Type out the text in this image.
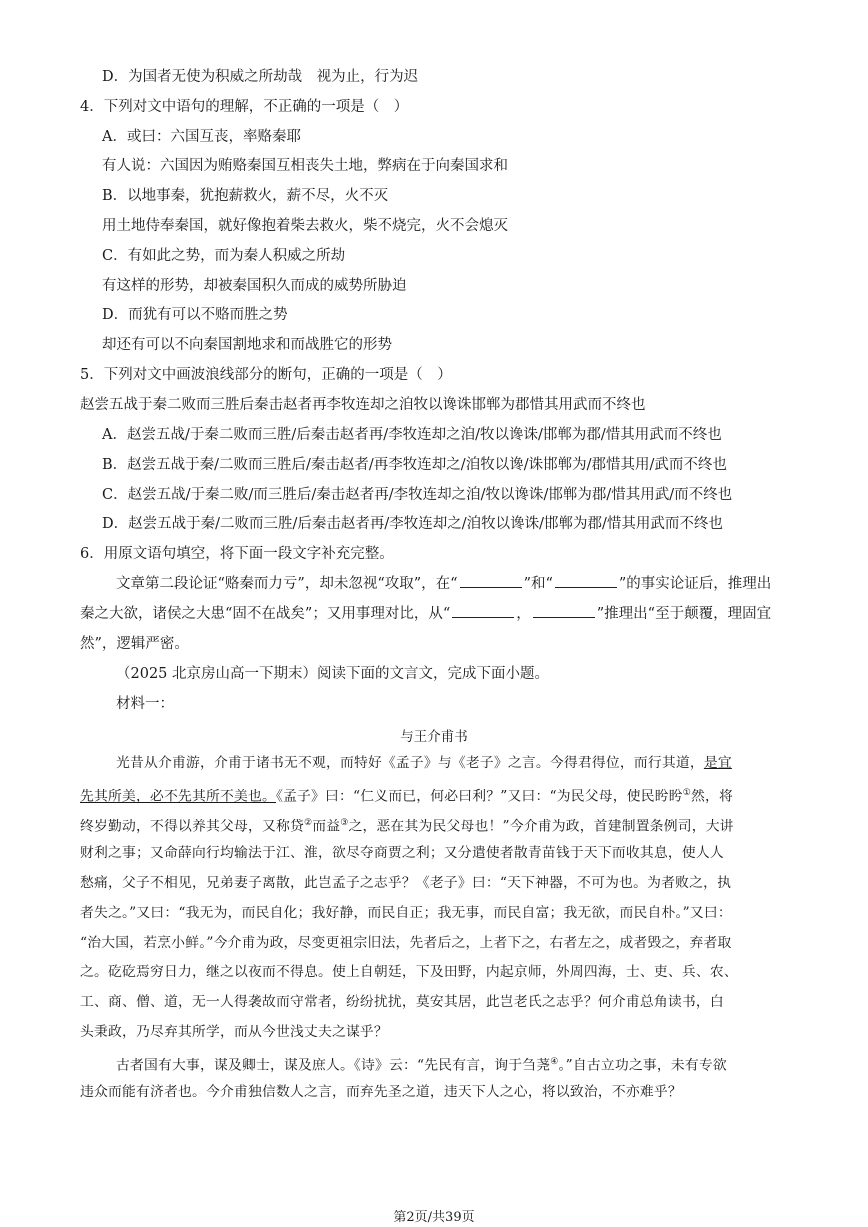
D．为国者无使为积威之所劫哉　视为止，行为迟
4．下列对文中语句的理解，不正确的一项是（　）
A．或曰：六国互丧，率赂秦耶
有人说：六国因为贿赂秦国互相丧失土地，弊病在于向秦国求和
B．以地事秦，犹抱薪救火，薪不尽，火不灭
用土地侍奉秦国，就好像抱着柴去救火，柴不烧完，火不会熄灭
C．有如此之势，而为秦人积威之所劫
有这样的形势，却被秦国积久而成的威势所胁迫
D．而犹有可以不赂而胜之势
却还有可以不向秦国割地求和而战胜它的形势
5．下列对文中画波浪线部分的断句，正确的一项是（　）
赵尝五战于秦二败而三胜后秦击赵者再李牧连却之洎牧以谗诛邯郸为郡惜其用武而不终也
A．赵尝五战/于秦二败而三胜/后秦击赵者再/李牧连却之洎/牧以谗诛/邯郸为郡/惜其用武而不终也
B．赵尝五战于秦/二败而三胜后/秦击赵者/再李牧连却之/洎牧以谗/诛邯郸为/郡惜其用/武而不终也
C．赵尝五战/于秦二败/而三胜后/秦击赵者再/李牧连却之洎/牧以谗诛/邯郸为郡/惜其用武/而不终也
D．赵尝五战于秦/二败而三胜/后秦击赵者再/李牧连却之/洎牧以谗诛/邯郸为郡/惜其用武而不终也
6．用原文语句填空，将下面一段文字补充完整。
文章第二段论证“赂秦而力亏”，却未忽视“攻取”，在“	”和“	”的事实论证后，推理出
秦之大欲，诸侯之大患“固不在战矣”；又用事理对比，从“	，	”推理出“至于颠覆，理固宜
然”，逻辑严密。
（2025 北京房山高一下期末）阅读下面的文言文，完成下面小题。
材料一：
与王介甫书
光昔从介甫游，介甫于诸书无不观，而特好《孟子》与《老子》之言。今得君得位，而行其道，是宜
先其所美，必不先其所不美也。《孟子》曰：“仁义而已，何必曰利？”又曰：“为民父母，使民盻盻①然，将
终岁勤动，不得以养其父母，又称贷②而益③之，恶在其为民父母也！”今介甫为政，首建制置条例司，大讲
财利之事；又命薛向行均输法于江、淮，欲尽夺商贾之利；又分遣使者散青苗钱于天下而收其息，使人人
愁痛，父子不相见，兄弟妻子离散，此岂孟子之志乎？《老子》曰：“天下神器，不可为也。为者败之，执
者失之。”又曰：“我无为，而民自化；我好静，而民自正；我无事，而民自富；我无欲，而民自朴。”又曰：
“治大国，若烹小鲜。”今介甫为政，尽变更祖宗旧法，先者后之，上者下之，右者左之，成者毁之，弃者取
之。矻矻焉穷日力，继之以夜而不得息。使上自朝廷，下及田野，内起京师，外周四海，士、吏、兵、农、
工、商、僧、道，无一人得袭故而守常者，纷纷扰扰，莫安其居，此岂老氏之志乎？何介甫总角读书，白
头秉政，乃尽弃其所学，而从今世浅丈夫之谋乎？
古者国有大事，谋及卿士，谋及庶人。《诗》云：“先民有言，询于刍荛④。”自古立功之事，未有专欲
违众而能有济者也。今介甫独信数人之言，而弃先圣之道，违天下人之心，将以致治，不亦难乎？
第2页/共39页
